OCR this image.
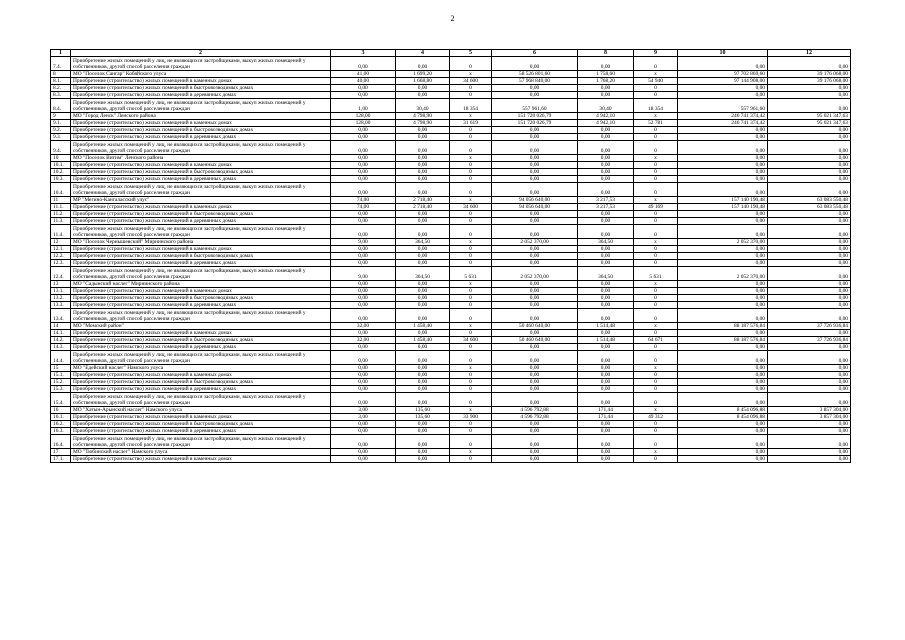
2
1	2	3	4	5	6	8	9	10	12
7.4.	Приобретение жилых помещений у лиц, не являющихся застройщиками, выкуп жилых помещений у собственников, другой способ расселения граждан	0,00	0,00	0	0,00	0,00	0	0,00	0,00
8	МО "Поселок Сангар" Кобяйского улуса	41,00	1 699,20	x	58 526 801,60	1 758,60	x	97 702 869,60	39 176 068,00
8.1.	Приобретение (строительство) жилых помещений в каменных домах	40,00	1 668,80	34 600	57 968 840,00	1 768,20	54 940	97 144 908,00	39 176 068,00
8.2.	Приобретение (строительство) жилых помещений в быстровозводимых домах	0,00	0,00	0	0,00	0,00	0	0,00	0,00
8.3.	Приобретение (строительство) жилых помещений в деревянных домах	0,00	0,00	0	0,00	0,00	0	0,00	0,00
8.4.	Приобретение жилых помещений у лиц, не являющихся застройщиками, выкуп жилых помещений у собственников, другой способ расселения граждан	1,00	30,40	18 354	557 961,60	30,40	18 354	557 961,60	0,00
9	МО "Город Ленск" Ленского района	128,00	4 798,90	x	151 720 026,79	4 942,10	x	246 741 374,42	95 021 347,63
9.1.	Приобретение (строительство) жилых помещений в каменных домах	128,00	4 798,90	31 619	151 720 026,79	4 942,10	52 781	246 741 374,42	95 021 347,63
9.2.	Приобретение (строительство) жилых помещений в быстровозводимых домах	0,00	0,00	0	0,00	0,00	0	0,00	0,00
9.3.	Приобретение (строительство) жилых помещений в деревянных домах	0,00	0,00	0	0,00	0,00	0	0,00	0,00
9.4.	Приобретение жилых помещений у лиц, не являющихся застройщиками, выкуп жилых помещений у собственников, другой способ расселения граждан	0,00	0,00	0	0,00	0,00	0	0,00	0,00
10	МО "Поселок Витим" Ленского района	0,00	0,00	x	0,00	0,00	x	0,00	0,00
10.1.	Приобретение (строительство) жилых помещений в каменных домах	0,00	0,00	0	0,00	0,00	0	0,00	0,00
10.2.	Приобретение (строительство) жилых помещений в быстровозводимых домах	0,00	0,00	0	0,00	0,00	0	0,00	0,00
10.3.	Приобретение (строительство) жилых помещений в деревянных домах	0,00	0,00	0	0,00	0,00	0	0,00	0,00
10.4.	Приобретение жилых помещений у лиц, не являющихся застройщиками, выкуп жилых помещений у собственников, другой способ расселения граждан	0,00	0,00	0	0,00	0,00	0	0,00	0,00
11	МР "Мегино-Кангаласский улус"	74,00	2 718,40	x	94 056 640,00	3 217,53	x	157 140 190,48	63 083 550,48
11.1.	Приобретение (строительство) жилых помещений в каменных домах	74,00	2 718,40	34 600	94 056 640,00	3 217,53	49 169	157 140 190,48	63 083 550,48
11.2.	Приобретение (строительство) жилых помещений в быстровозводимых домах	0,00	0,00	0	0,00	0,00	0	0,00	0,00
11.3.	Приобретение (строительство) жилых помещений в деревянных домах	0,00	0,00	0	0,00	0,00	0	0,00	0,00
11.4.	Приобретение жилых помещений у лиц, не являющихся застройщиками, выкуп жилых помещений у собственников, другой способ расселения граждан	0,00	0,00	0	0,00	0,00	0	0,00	0,00
12	МО "Поселок Чернышевский" Мирнинского района	9,00	364,50	x	2 052 370,00	364,50	x	2 052 370,00	0,00
12.1.	Приобретение (строительство) жилых помещений в каменных домах	0,00	0,00	0	0,00	0,00	0	0,00	0,00
12.2.	Приобретение (строительство) жилых помещений в быстровозводимых домах	0,00	0,00	0	0,00	0,00	0	0,00	0,00
12.3.	Приобретение (строительство) жилых помещений в деревянных домах	0,00	0,00	0	0,00	0,00	0	0,00	0,00
12.4.	Приобретение жилых помещений у лиц, не являющихся застройщиками, выкуп жилых помещений у собственников, другой способ расселения граждан	9,00	364,50	5 631	2 052 370,00	364,50	5 631	2 052 370,00	0,00
13	МО "Садынский наслег" Мирнинского района	0,00	0,00	x	0,00	0,00	x	0,00	0,00
13.1.	Приобретение (строительство) жилых помещений в каменных домах	0,00	0,00	0	0,00	0,00	0	0,00	0,00
13.2.	Приобретение (строительство) жилых помещений в быстровозводимых домах	0,00	0,00	0	0,00	0,00	0	0,00	0,00
13.3.	Приобретение (строительство) жилых помещений в деревянных домах	0,00	0,00	0	0,00	0,00	0	0,00	0,00
13.4.	Приобретение жилых помещений у лиц, не являющихся застройщиками, выкуп жилых помещений у собственников, другой способ расселения граждан	0,00	0,00	0	0,00	0,00	0	0,00	0,00
14	МО "Момский район"	32,00	1 458,40	x	50 460 640,00	1 514,48	x	88 187 576,84	37 726 936,84
14.1.	Приобретение (строительство) жилых помещений в каменных домах	0,00	0,00	0	0,00	0,00	0	0,00	0,00
14.2.	Приобретение (строительство) жилых помещений в быстровозводимых домах	32,00	1 458,40	34 600	50 460 640,00	1 514,48	64 671	88 187 576,84	37 726 936,84
14.3.	Приобретение (строительство) жилых помещений в деревянных домах	0,00	0,00	0	0,00	0,00	0	0,00	0,00
14.4.	Приобретение жилых помещений у лиц, не являющихся застройщиками, выкуп жилых помещений у собственников, другой способ расселения граждан	0,00	0,00	0	0,00	0,00	0	0,00	0,00
15	МО "Едейский наслег" Намского улуса	0,00	0,00	x	0,00	0,00	x	0,00	0,00
15.1.	Приобретение (строительство) жилых помещений в каменных домах	0,00	0,00	0	0,00	0,00	0	0,00	0,00
15.2.	Приобретение (строительство) жилых помещений в быстровозводимых домах	0,00	0,00	0	0,00	0,00	0	0,00	0,00
15.3.	Приобретение (строительство) жилых помещений в деревянных домах	0,00	0,00	0	0,00	0,00	0	0,00	0,00
15.4.	Приобретение жилых помещений у лиц, не являющихся застройщиками, выкуп жилых помещений у собственников, другой способ расселения граждан	0,00	0,00	0	0,00	0,00	0	0,00	0,00
16	МО "Хатын-Арынский наслег" Намского улуса	3,00	135,60	x	4 596 792,88	171,44	x	8 454 096,88	3 857 304,00
16.1.	Приобретение (строительство) жилых помещений в каменных домах	3,00	135,60	33 900	4 596 792,88	171,44	49 312	8 454 096,88	3 857 304,00
16.2.	Приобретение (строительство) жилых помещений в быстровозводимых домах	0,00	0,00	0	0,00	0,00	0	0,00	0,00
16.3.	Приобретение (строительство) жилых помещений в деревянных домах	0,00	0,00	0	0,00	0,00	0	0,00	0,00
16.4.	Приобретение жилых помещений у лиц, не являющихся застройщиками, выкуп жилых помещений у собственников, другой способ расселения граждан	0,00	0,00	0	0,00	0,00	0	0,00	0,00
17	МО "Тюбинский наслег" Намского улуса	0,00	0,00	x	0,00	0,00	x	0,00	0,00
17.1.	Приобретение (строительство) жилых помещений в каменных домах	0,00	0,00	0	0,00	0,00	0	0,00	0,00
